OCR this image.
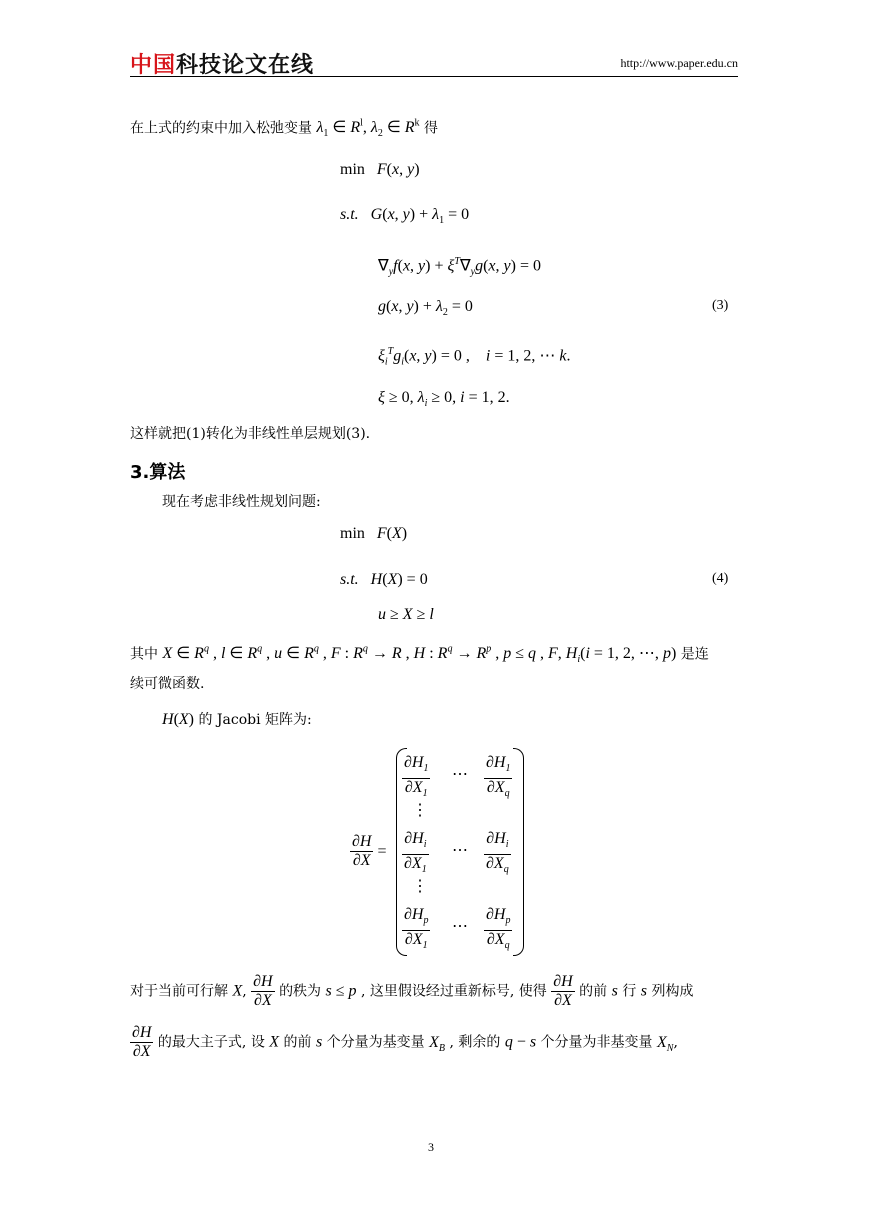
中国科技论文在线	http://www.paper.edu.cn
在上式的约束中加入松弛变量 $\lambda_1$ ∈ $R^l$, $\lambda_2$ ∈ $R^k$ 得
min   F(x, y)
s.t. G(x, $y) + \lambda_1 = 0$
$\nabla_yf(x$, $y) + \xi^T\nabla_yg(x$, y) = 0
g(x, $y) + \lambda_2 = 0$	(3)
$\xi_i^Tg_i(x$, y) = 0 ,    i = 1, 2, ⋯ k.
ξ ≥ 0, $\lambda_i \ge 0$, i = 1, 2.
这样就把(1)转化为非线性单层规划(3).
3.算法
现在考虑非线性规划问题:
min   F(X)
s.t. H(X) = 0	(4)
u ≥ X ≥ l
其中 X ∈ $R^q$ , l ∈ $R^q$ , u ∈ $R^q$ , F : $R^q \to R$ , H : $R^q \to R^p$ , p ≤ q , F, $H_i(i = 1$, 2, ⋯, p) 是连
续可微函数.
H(X) 的 Jacobi 矩阵为:
$\frac{\partial H}{\partial X}$ =
$\frac{\partial H_1}{\partial X_1}$ ⋯ $\frac{\partial H_1}{\partial X_q}$
⋮
$\frac{\partial H_i}{\partial X_1}$ ⋯ $\frac{\partial H_i}{\partial X_q}$
⋮
$\frac{\partial H_p}{\partial X_1}$ ⋯ $\frac{\partial H_p}{\partial X_q}$
对于当前可行解 X, $\frac{\partial H}{\partial X}$ 的秩为 s ≤ p , 这里假设经过重新标号, 使得 $\frac{\partial H}{\partial X}$ 的前 s 行 s 列构成
$\frac{\partial H}{\partial X}$ 的最大主子式, 设 X 的前 s 个分量为基变量 $X_B$ , 剩余的 q − s 个分量为非基变量 $X_N$,
3
